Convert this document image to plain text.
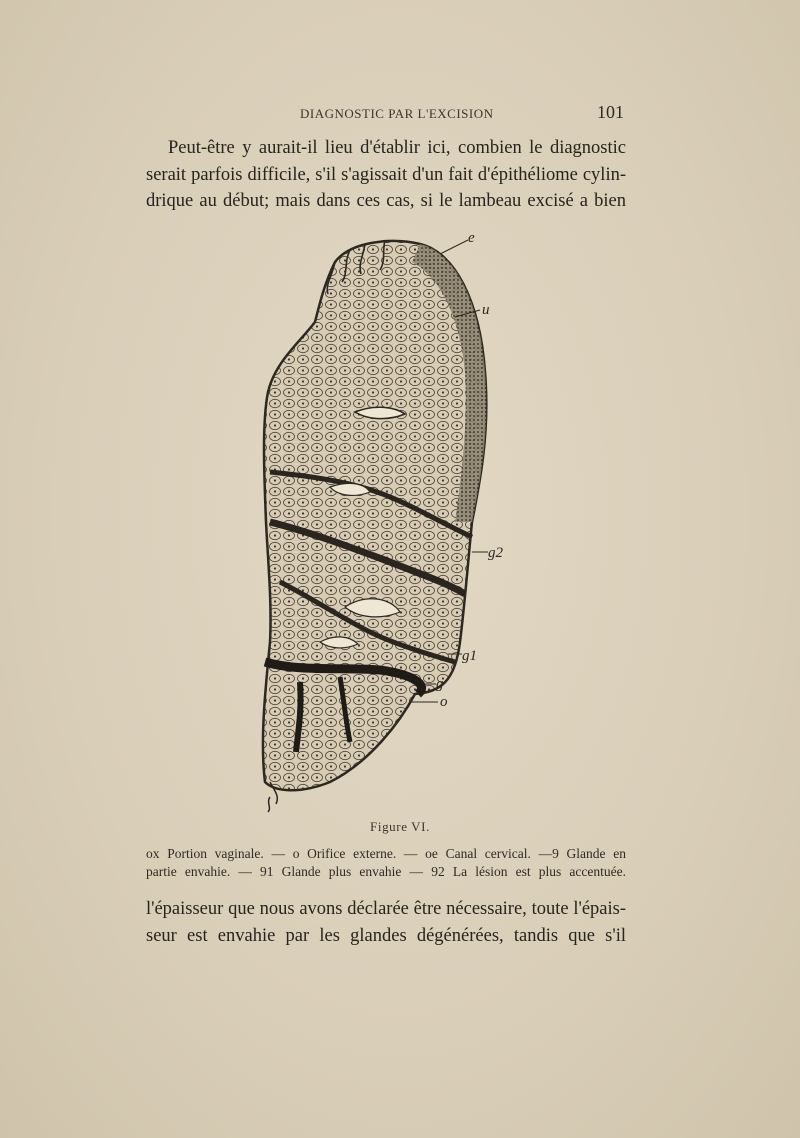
DIAGNOSTIC PAR L'EXCISION	101
Peut-être y aurait-il lieu d'établir ici, combien le diagnostic
serait parfois difficile, s'il s'agissait d'un fait d'épithéliome cylin-
drique au début; mais dans ces cas, si le lambeau excisé a bien
e
u
g2
g1
g
o
Figure VI.
ox Portion vaginale. — o Orifice externe. — oe Canal cervical. —9 Glande en
partie envahie. — 91 Glande plus envahie — 92 La lésion est plus accentuée.
l'épaisseur que nous avons déclarée être nécessaire, toute l'épais-
seur est envahie par les glandes dégénérées, tandis que s'il
